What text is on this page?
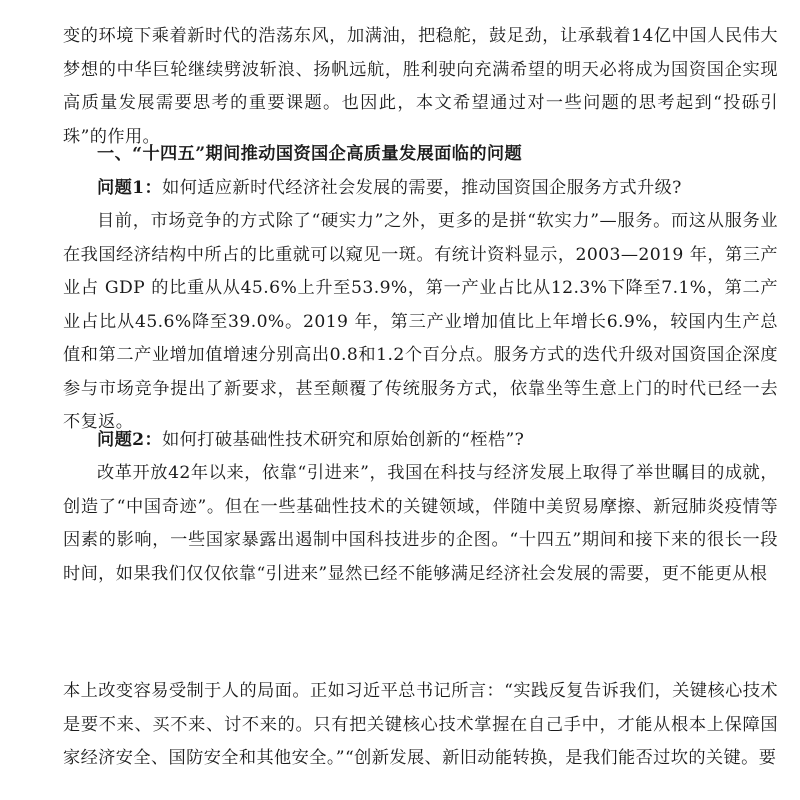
变的环境下乘着新时代的浩荡东风，加满油，把稳舵，鼓足劲，让承载着14亿中国人民伟大梦想的中华巨轮继续劈波斩浪、扬帆远航，胜利驶向充满希望的明天必将成为国资国企实现高质量发展需要思考的重要课题。也因此，本文希望通过对一些问题的思考起到“投砾引珠”的作用。

一、“十四五”期间推动国资国企高质量发展面临的问题

问题1：如何适应新时代经济社会发展的需要，推动国资国企服务方式升级?

目前，市场竞争的方式除了“硬实力”之外，更多的是拼“软实力”—服务。而这从服务业在我国经济结构中所占的比重就可以窥见一斑。有统计资料显示，2003—2019 年，第三产业占 GDP 的比重从从45.6%上升至53.9%，第一产业占比从12.3%下降至7.1%，第二产业占比从45.6%降至39.0%。2019 年，第三产业增加值比上年增长6.9%，较国内生产总值和第二产业增加值增速分别高出0.8和1.2个百分点。服务方式的迭代升级对国资国企深度参与市场竞争提出了新要求，甚至颠覆了传统服务方式，依靠坐等生意上门的时代已经一去不复返。

问题2：如何打破基础性技术研究和原始创新的“桎梏”?

改革开放42年以来，依靠“引进来”，我国在科技与经济发展上取得了举世瞩目的成就，创造了“中国奇迹”。但在一些基础性技术的关键领域，伴随中美贸易摩擦、新冠肺炎疫情等因素的影响，一些国家暴露出遏制中国科技进步的企图。“十四五”期间和接下来的很长一段时间，如果我们仅仅依靠“引进来”显然已经不能够满足经济社会发展的需要，更不能更从根

本上改变容易受制于人的局面。正如习近平总书记所言：“实践反复告诉我们，关键核心技术是要不来、买不来、讨不来的。只有把关键核心技术掌握在自己手中，才能从根本上保障国家经济安全、国防安全和其他安全。”“创新发展、新旧动能转换，是我们能否过坎的关键。要
